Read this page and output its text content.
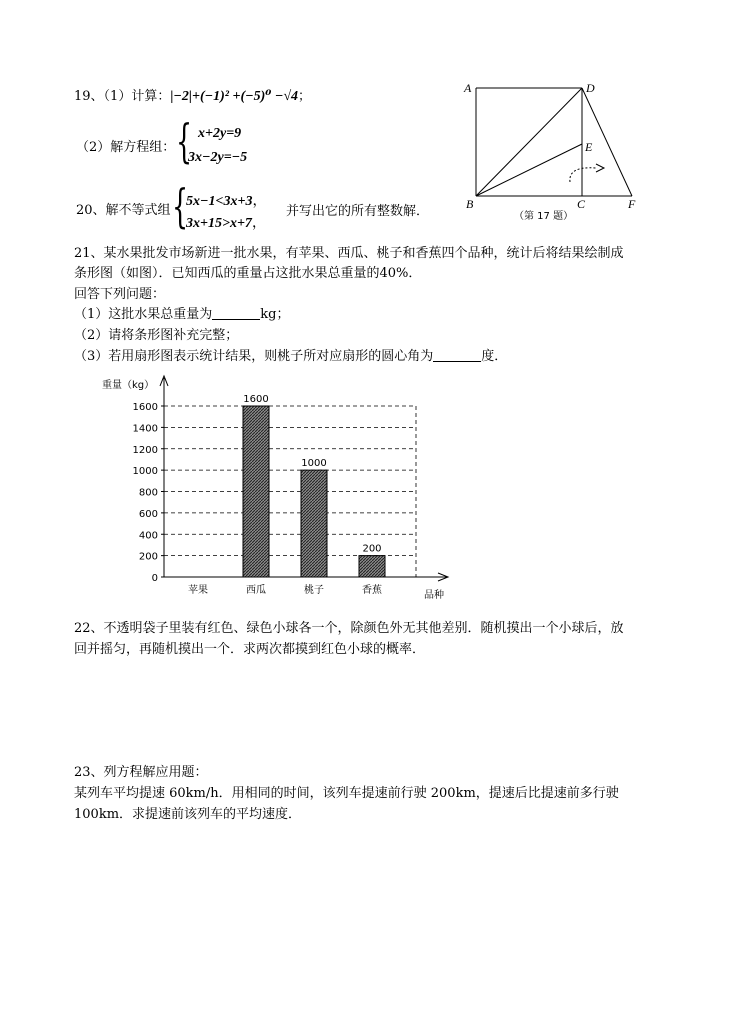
19、（1）计算：|−2|+(−1)² +(−5)⁰ −√4；
（2）解方程组： { x+2y=9
3x−2y=−5
20、解不等式组 {
5x−1<3x+3，
3x+15>x+7，
并写出它的所有整数解．
A	D
E
B	C	F
（第 17 题）
21、某水果批发市场新进一批水果，有苹果、西瓜、桃子和香蕉四个品种，统计后将结果绘制成
条形图（如图）．已知西瓜的重量占这批水果总重量的40%．
回答下列问题：
（1）这批水果总重量为	kg；
（2）请将条形图补充完整；
（3）若用扇形图表示统计结果，则桃子所对应扇形的圆心角为	度．
重量（kg）
品种
0
200
400
600
800
1000
1200
1400
1600
苹果
1600
西瓜
1000
桃子
200
香蕉
22、不透明袋子里装有红色、绿色小球各一个，除颜色外无其他差别．随机摸出一个小球后，放
回并摇匀，再随机摸出一个．求两次都摸到红色小球的概率．
23、列方程解应用题：
某列车平均提速 60km/h．用相同的时间，该列车提速前行驶 200km，提速后比提速前多行驶
100km．求提速前该列车的平均速度．
